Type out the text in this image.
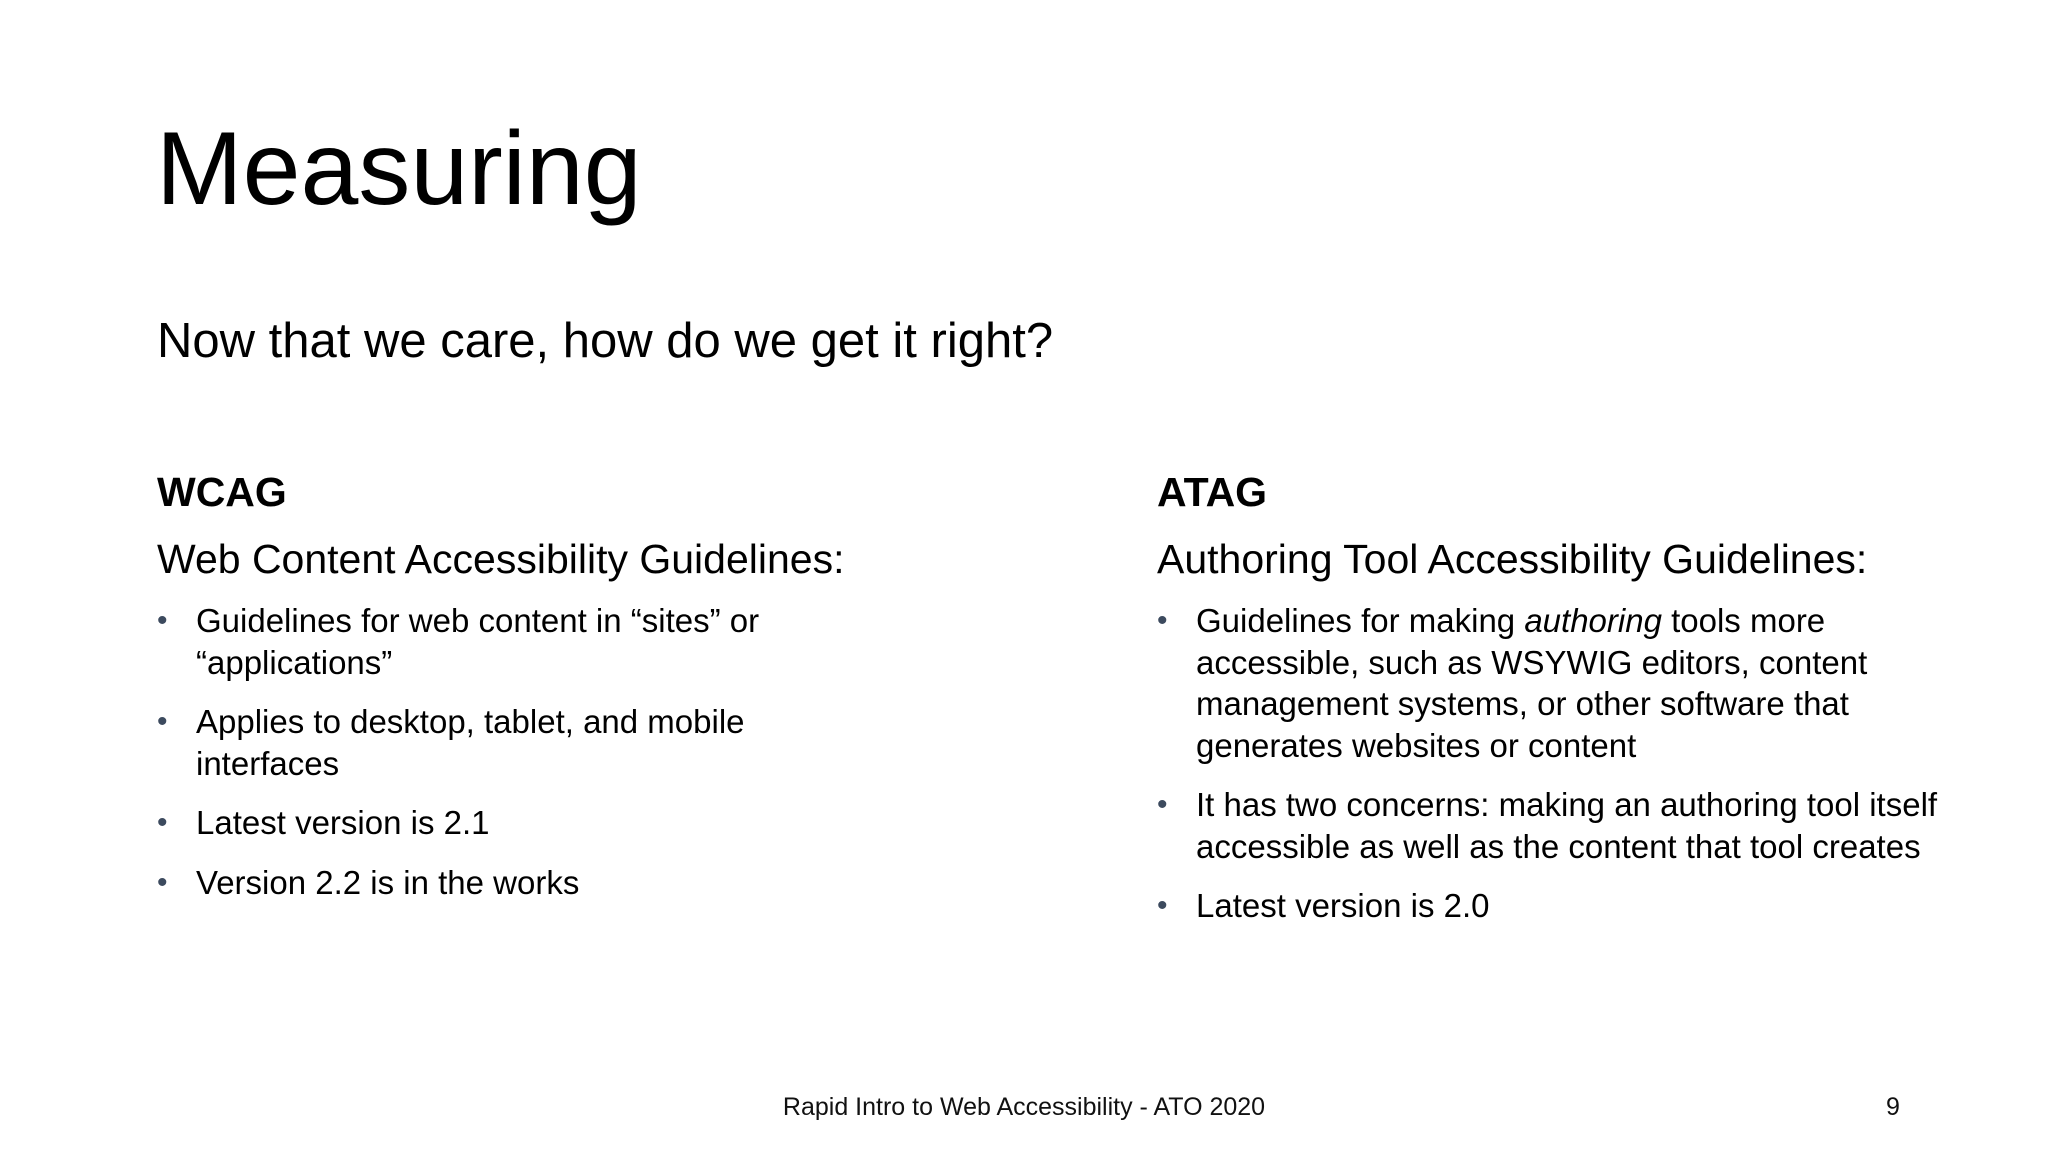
Measuring

Now that we care, how do we get it right?

WCAG
Web Content Accessibility Guidelines:
• Guidelines for web content in “sites” or “applications”
• Applies to desktop, tablet, and mobile interfaces
• Latest version is 2.1
• Version 2.2 is in the works
ATAG
Authoring Tool Accessibility Guidelines:
• Guidelines for making authoring tools more accessible, such as WSYWIG editors, content management systems, or other software that generates websites or content
• It has two concerns: making an authoring tool itself accessible as well as the content that tool creates
• Latest version is 2.0
Rapid Intro to Web Accessibility - ATO 2020	9
